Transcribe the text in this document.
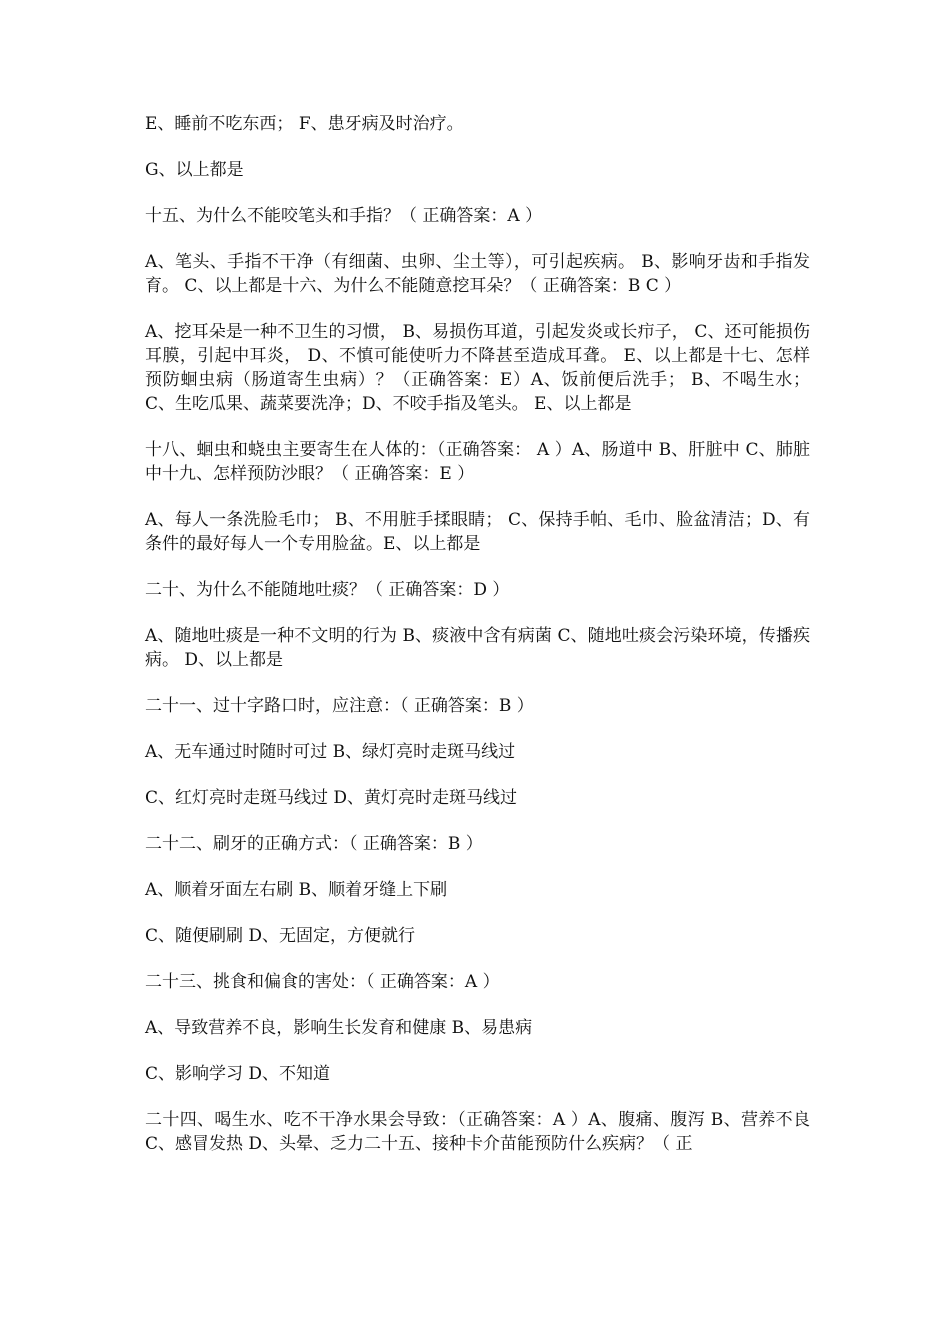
E、睡前不吃东西； F、患牙病及时治疗。

G、以上都是

十五、为什么不能咬笔头和手指？（ 正确答案：A ）

A、笔头、手指不干净（有细菌、虫卵、尘土等），可引起疾病。 B、影响牙齿和手指发育。 C、以上都是十六、为什么不能随意挖耳朵？（ 正确答案：B C ）

A、挖耳朵是一种不卫生的习惯， B、易损伤耳道，引起发炎或长疖子， C、还可能损伤耳膜，引起中耳炎， D、不慎可能使听力不降甚至造成耳聋。 E、以上都是十七、怎样预防蛔虫病（肠道寄生虫病）？（正确答案：E）A、饭前便后洗手； B、不喝生水；C、生吃瓜果、蔬菜要洗净；D、不咬手指及笔头。 E、以上都是

十八、蛔虫和蛲虫主要寄生在人体的：（正确答案： A ）A、肠道中 B、肝脏中 C、肺脏中十九、怎样预防沙眼？（ 正确答案：E ）

A、每人一条洗脸毛巾； B、不用脏手揉眼睛； C、保持手帕、毛巾、脸盆清洁；D、有条件的最好每人一个专用脸盆。E、以上都是

二十、为什么不能随地吐痰？（ 正确答案：D ）

A、随地吐痰是一种不文明的行为 B、痰液中含有病菌 C、随地吐痰会污染环境，传播疾病。 D、以上都是

二十一、过十字路口时，应注意：（ 正确答案：B ）

A、无车通过时随时可过 B、绿灯亮时走斑马线过

C、红灯亮时走斑马线过 D、黄灯亮时走斑马线过

二十二、刷牙的正确方式：（ 正确答案：B ）

A、顺着牙面左右刷 B、顺着牙缝上下刷

C、随便刷刷 D、无固定，方便就行

二十三、挑食和偏食的害处：（ 正确答案：A ）

A、导致营养不良，影响生长发育和健康 B、易患病

C、影响学习 D、不知道

二十四、喝生水、吃不干净水果会导致：（正确答案：A ）A、腹痛、腹泻 B、营养不良 C、感冒发热 D、头晕、乏力二十五、接种卡介苗能预防什么疾病？（ 正
